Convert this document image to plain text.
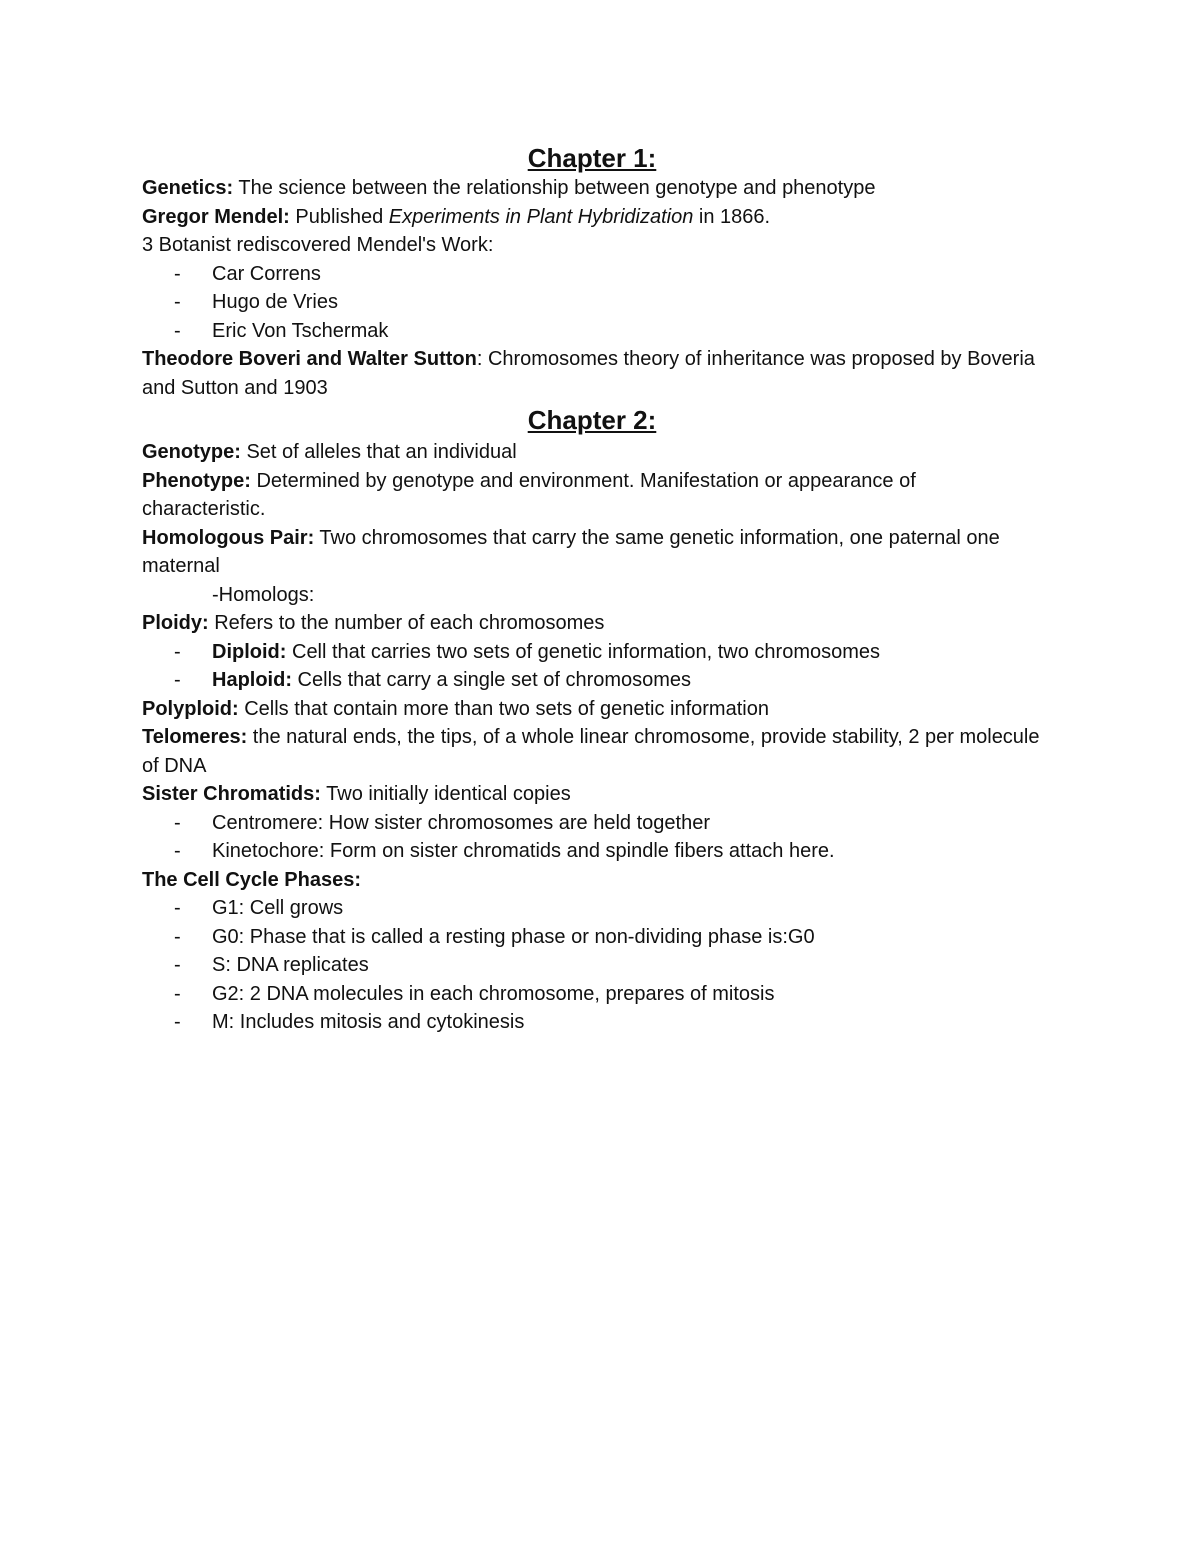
Chapter 1:

Genetics: The science between the relationship between genotype and phenotype

Gregor Mendel: Published Experiments in Plant Hybridization in 1866.

3 Botanist rediscovered Mendel's Work:

- Car Correns
- Hugo de Vries
- Eric Von Tschermak

Theodore Boveri and Walter Sutton: Chromosomes theory of inheritance was proposed by Boveria and Sutton and 1903

Chapter 2:

Genotype: Set of alleles that an individual

Phenotype: Determined by genotype and environment. Manifestation or appearance of characteristic.

Homologous Pair: Two chromosomes that carry the same genetic information, one paternal one maternal

-Homologs:

Ploidy: Refers to the number of each chromosomes

- Diploid: Cell that carries two sets of genetic information, two chromosomes
- Haploid: Cells that carry a single set of chromosomes

Polyploid: Cells that contain more than two sets of genetic information

Telomeres: the natural ends, the tips, of a whole linear chromosome, provide stability, 2 per molecule of DNA

Sister Chromatids: Two initially identical copies

- Centromere: How sister chromosomes are held together
- Kinetochore: Form on sister chromatids and spindle fibers attach here.

The Cell Cycle Phases:

- G1: Cell grows
- G0: Phase that is called a resting phase or non-dividing phase is:G0
- S: DNA replicates
- G2: 2 DNA molecules in each chromosome, prepares of mitosis
- M: Includes mitosis and cytokinesis
